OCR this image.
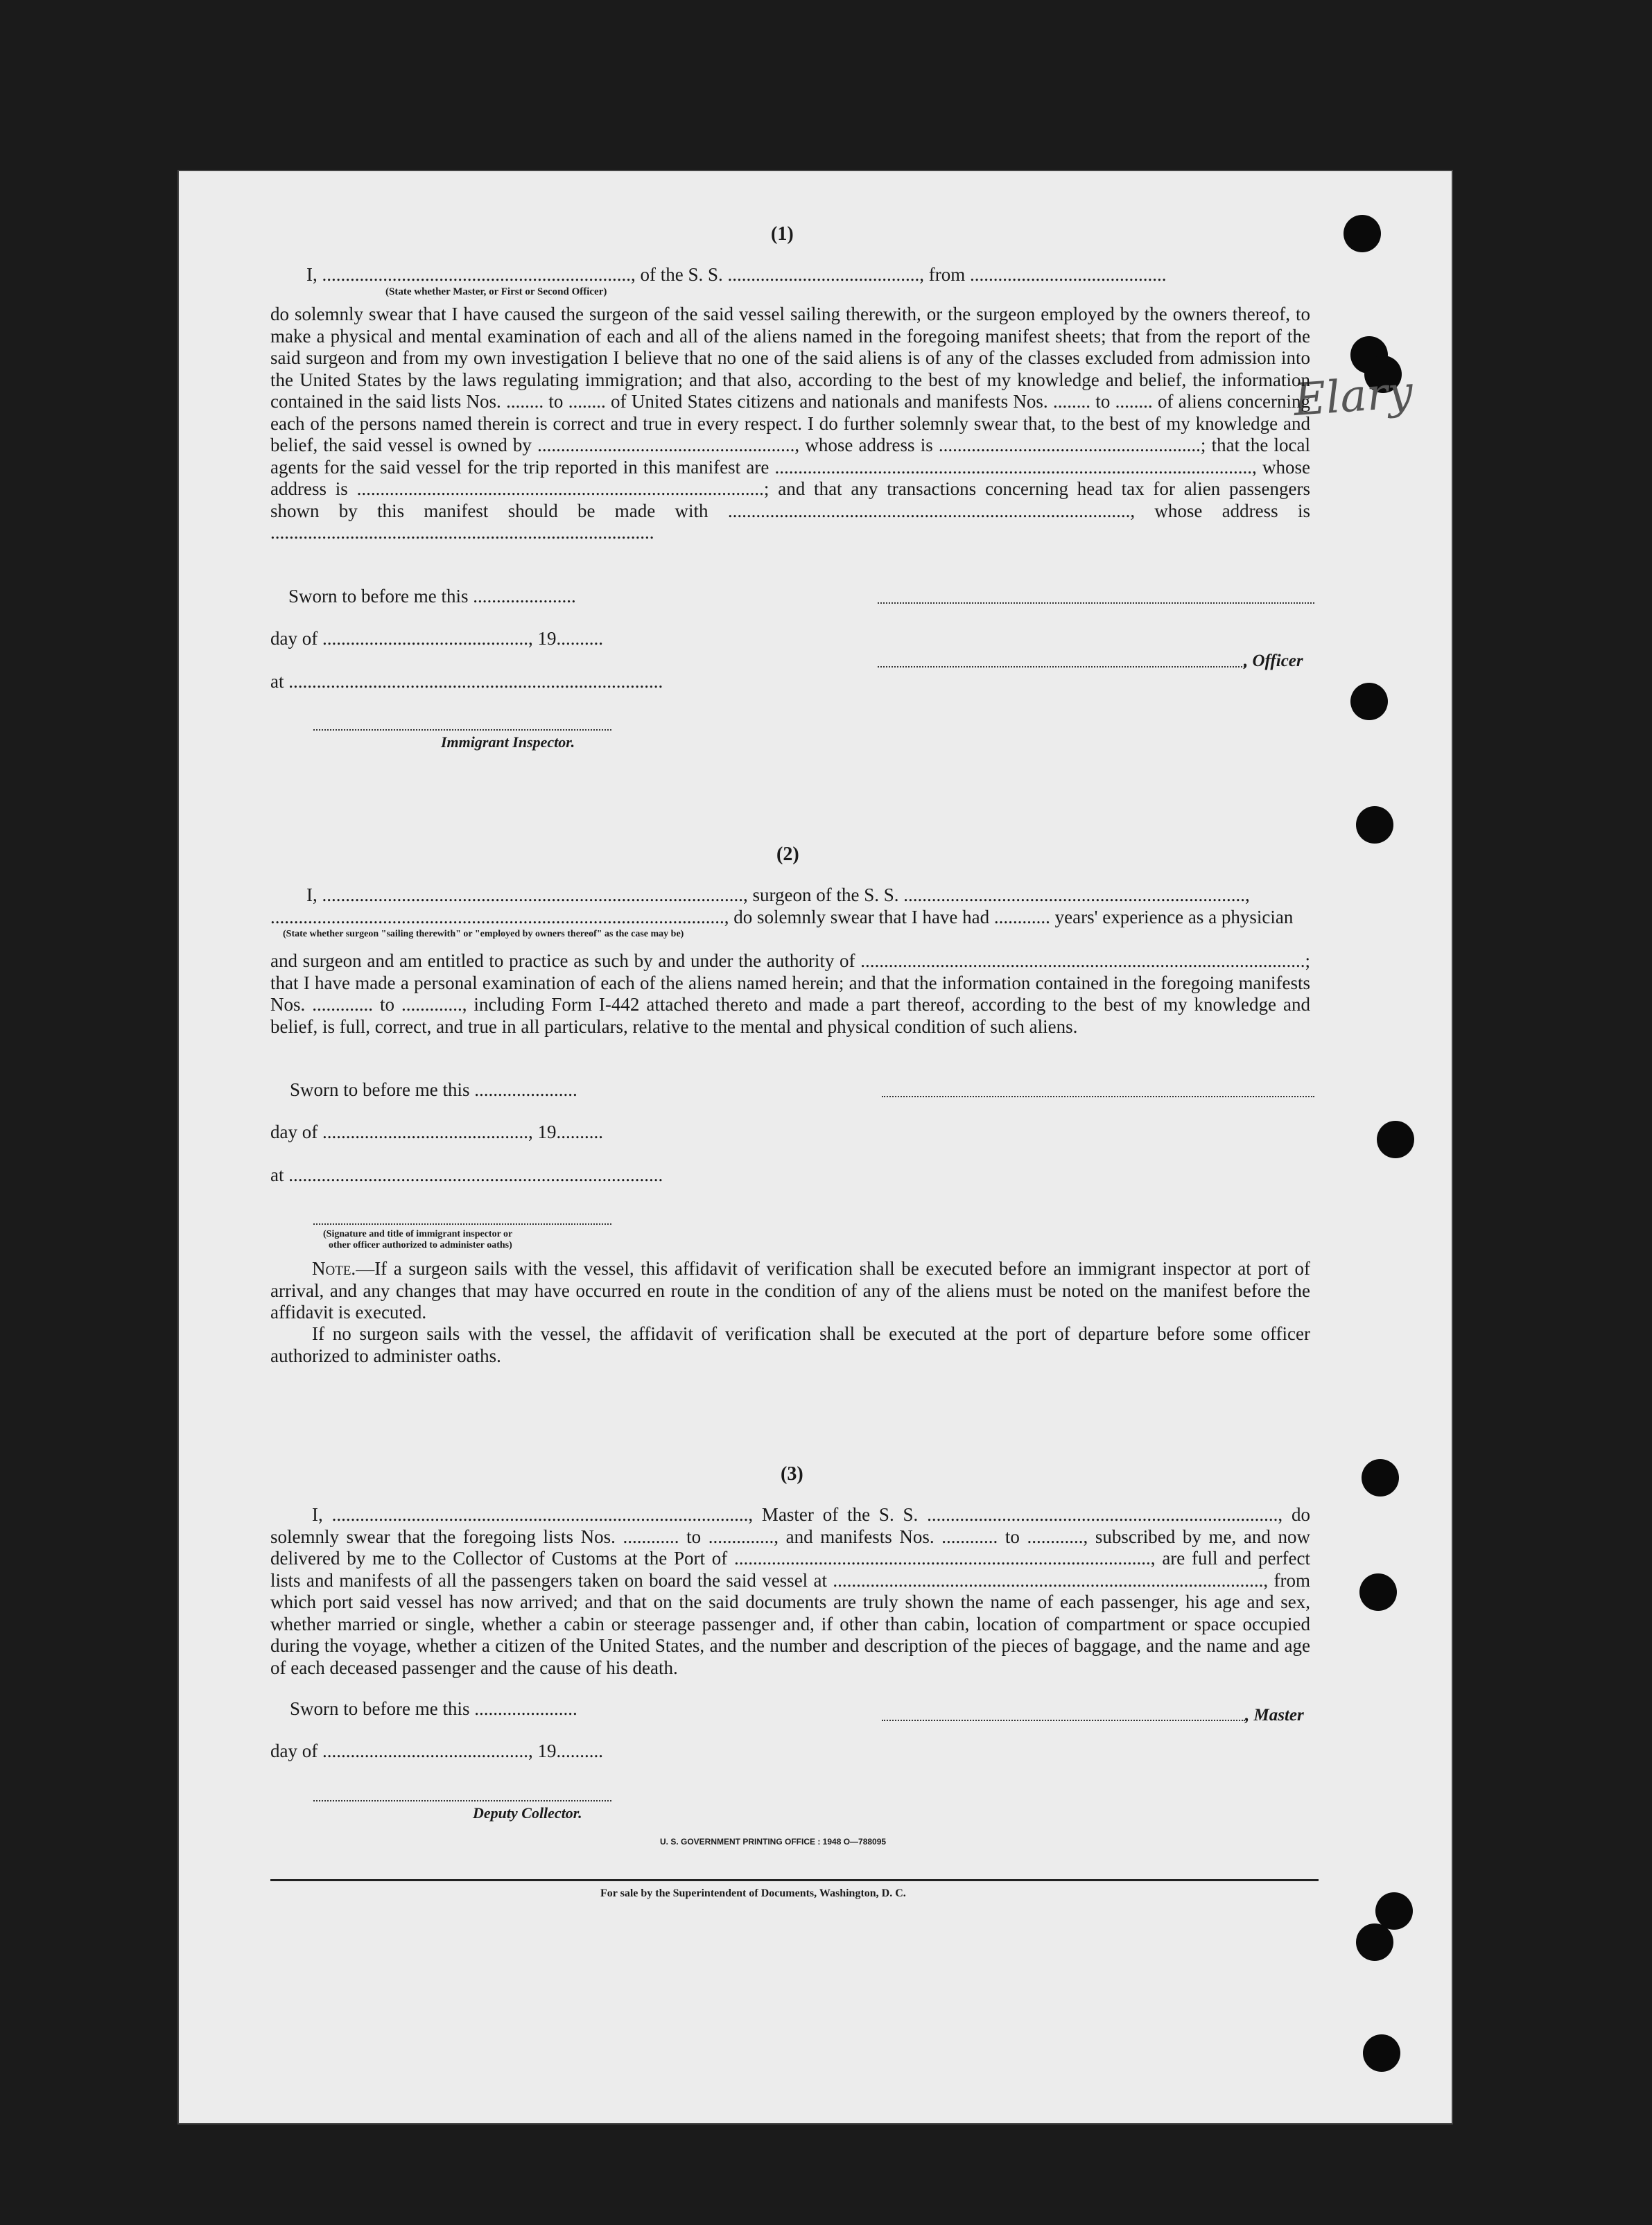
Elary
(1)
I, .................................................................., of the S. S. ........................................., from ..........................................
(State whether Master, or First or Second Officer)
do solemnly swear that I have caused the surgeon of the said vessel sailing therewith, or the surgeon employed by the owners thereof, to make a physical and mental examination of each and all of the aliens named in the foregoing manifest sheets; that from the report of the said surgeon and from my own investigation I believe that no one of the said aliens is of any of the classes excluded from admission into the United States by the laws regulating immigration; and that also, according to the best of my knowledge and belief, the information contained in the said lists Nos. ........ to ........ of United States citizens and nationals and manifests Nos. ........ to ........ of aliens concerning each of the persons named therein is correct and true in every respect. I do further solemnly swear that, to the best of my knowledge and belief, the said vessel is owned by ......................................................., whose address is ........................................................; that the local agents for the said vessel for the trip reported in this manifest are ......................................................................................................, whose address is .......................................................................................; and that any transactions concerning head tax for alien passengers shown by this manifest should be made with ......................................................................................, whose address is ..................................................................................
Sworn to before me this ......................
day of ............................................, 19..........
at ................................................................................
Immigrant Inspector.
, Officer
(2)
I, .........................................................................................., surgeon of the S. S. .........................................................................,
................................................................................................., do solemnly swear that I have had ............ years' experience as a physician
(State whether surgeon "sailing therewith" or "employed by owners thereof" as the case may be)
and surgeon and am entitled to practice as such by and under the authority of ...............................................................................................; that I have made a personal examination of each of the aliens named herein; and that the information contained in the foregoing manifests Nos. ............. to ............., including Form I-442 attached thereto and made a part thereof, according to the best of my knowledge and belief, is full, correct, and true in all particulars, relative to the mental and physical condition of such aliens.
Sworn to before me this ......................
day of ............................................, 19..........
at ................................................................................
(Signature and title of immigrant inspector or
other officer authorized to administer oaths)
Note.—If a surgeon sails with the vessel, this affidavit of verification shall be executed before an immigrant inspector at port of arrival, and any changes that may have occurred en route in the condition of any of the aliens must be noted on the manifest before the affidavit is executed.
If no surgeon sails with the vessel, the affidavit of verification shall be executed at the port of departure before some officer authorized to administer oaths.
(3)
I, ........................................................................................., Master of the S. S. ..........................................................................., do solemnly swear that the foregoing lists Nos. ............ to .............., and manifests Nos. ............ to ............, subscribed by me, and now delivered by me to the Collector of Customs at the Port of ........................................................................................., are full and perfect lists and manifests of all the passengers taken on board the said vessel at ............................................................................................, from which port said vessel has now arrived; and that on the said documents are truly shown the name of each passenger, his age and sex, whether married or single, whether a cabin or steerage passenger and, if other than cabin, location of compartment or space occupied during the voyage, whether a citizen of the United States, and the number and description of the pieces of baggage, and the name and age of each deceased passenger and the cause of his death.
Sworn to before me this ......................
day of ............................................, 19..........
, Master
Deputy Collector.
U. S. GOVERNMENT PRINTING OFFICE : 1948 O—788095
For sale by the Superintendent of Documents, Washington, D. C.
